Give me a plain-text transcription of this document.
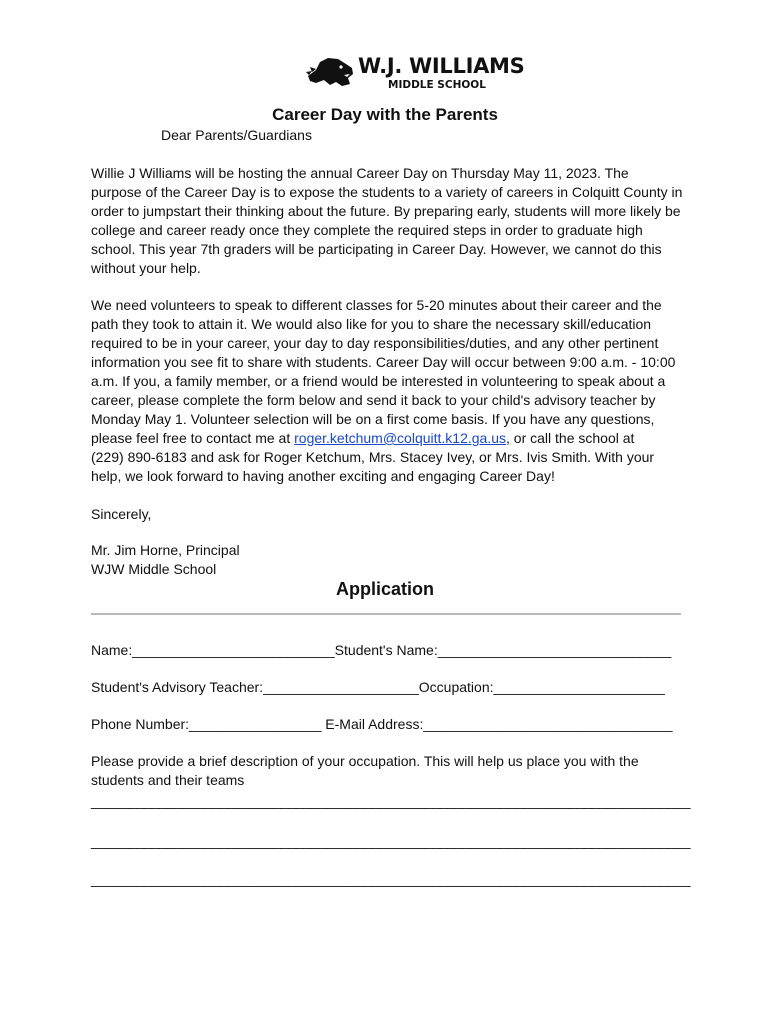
W.J. WILLIAMS
MIDDLE SCHOOL
Career Day with the Parents
Dear Parents/Guardians

Willie J Williams will be hosting the annual Career Day on Thursday May 11, 2023. The
purpose of the Career Day is to expose the students to a variety of careers in Colquitt County in
order to jumpstart their thinking about the future. By preparing early, students will more likely be
college and career ready once they complete the required steps in order to graduate high
school. This year 7th graders will be participating in Career Day. However, we cannot do this
without your help.

We need volunteers to speak to different classes for 5-20 minutes about their career and the
path they took to attain it. We would also like for you to share the necessary skill/education
required to be in your career, your day to day responsibilities/duties, and any other pertinent
information you see fit to share with students. Career Day will occur between 9:00 a.m. - 10:00
a.m. If you, a family member, or a friend would be interested in volunteering to speak about a
career, please complete the form below and send it back to your child's advisory teacher by
Monday May 1. Volunteer selection will be on a first come basis. If you have any questions,
please feel free to contact me at roger.ketchum@colquitt.k12.ga.us, or call the school at
(229) 890-6183 and ask for Roger Ketchum, Mrs. Stacey Ivey, or Mrs. Ivis Smith. With your
help, we look forward to having another exciting and engaging Career Day!

Sincerely,
Mr. Jim Horne, Principal
WJW Middle School
Application
Name:__________________________Student's Name:______________________________
Student's Advisory Teacher:____________________Occupation:______________________
Phone Number:_________________ E-Mail Address:________________________________
Please provide a brief description of your occupation. This will help us place you with the
students and their teams
_______________________________________________________________________________
_______________________________________________________________________________
_______________________________________________________________________________
